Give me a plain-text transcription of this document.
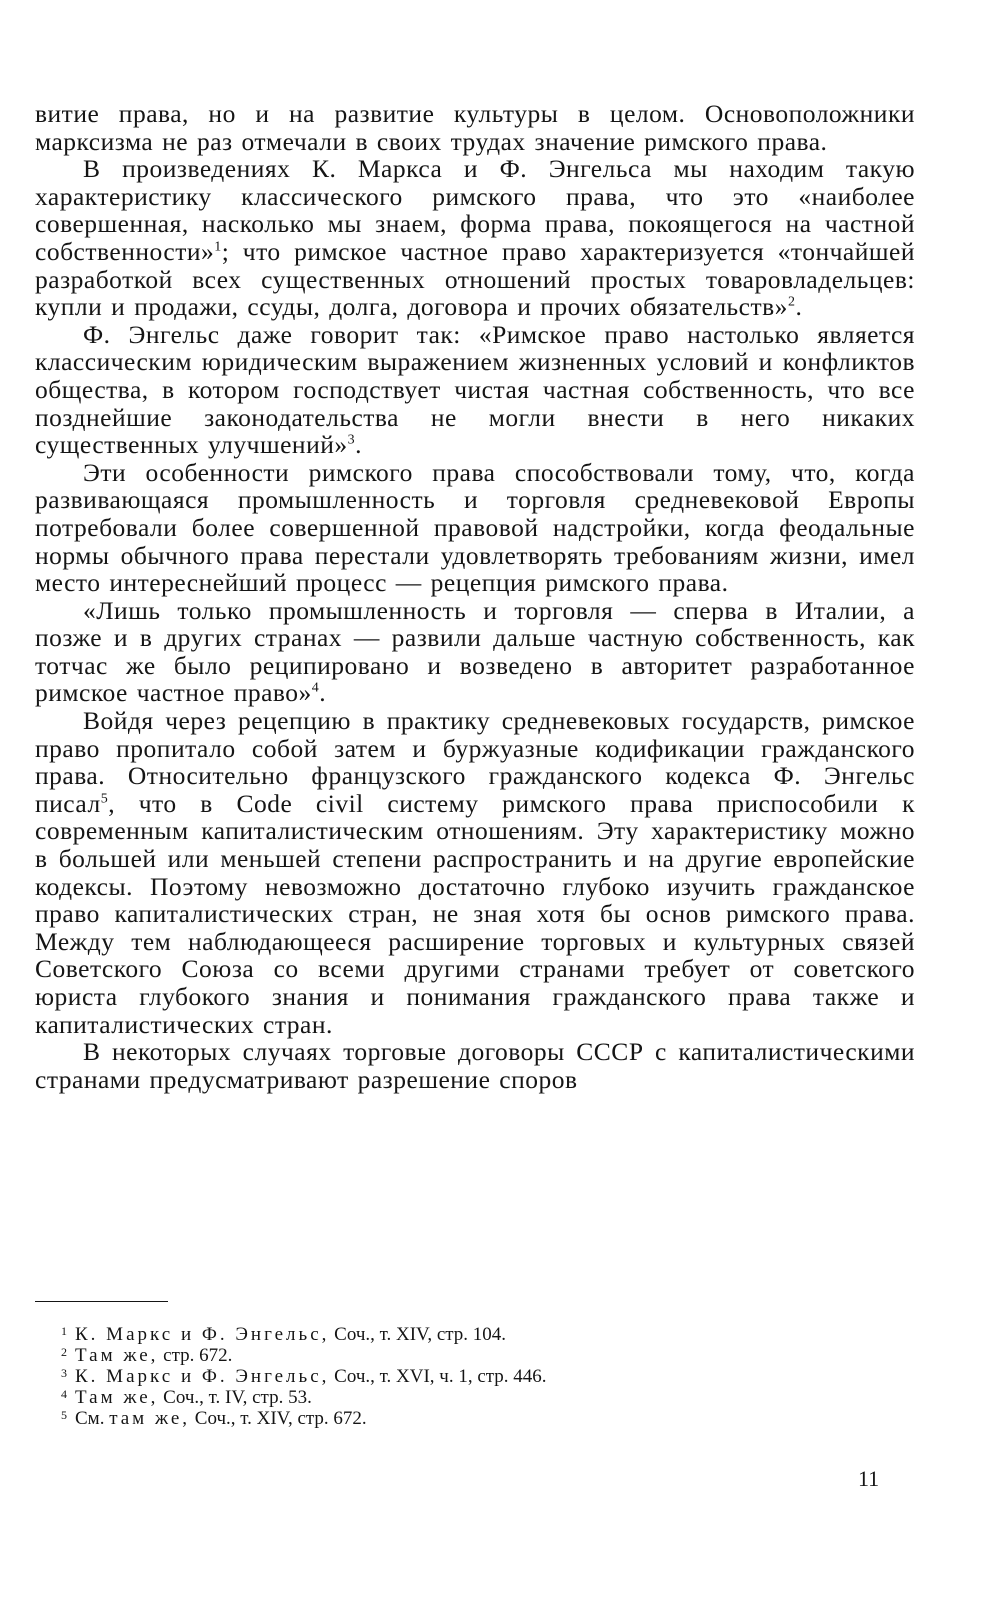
витие права, но и на развитие культуры в целом. Основоположники марксизма не раз отмечали в своих трудах значение римского права.

В произведениях К. Маркса и Ф. Энгельса мы находим такую характеристику классического римского права, что это «наиболее совершенная, насколько мы знаем, форма права, покоящегося на частной собственности»$^1$; что римское частное право характеризуется «тончайшей разработкой всех существенных отношений простых товаровладельцев: купли и продажи, ссуды, долга, договора и прочих обязательств»$^2$.

Ф. Энгельс даже говорит так: «Римское право настолько является классическим юридическим выражением жизненных условий и конфликтов общества, в котором господствует чистая частная собственность, что все позднейшие законодательства не могли внести в него никаких существенных улучшений»$^3$.

Эти особенности римского права способствовали тому, что, когда развивающаяся промышленность и торговля средневековой Европы потребовали более совершенной правовой надстройки, когда феодальные нормы обычного права перестали удовлетворять требованиям жизни, имел место интереснейший процесс — рецепция римского права.

«Лишь только промышленность и торговля — сперва в Италии, а позже и в других странах — развили дальше частную собственность, как тотчас же было реципировано и возведено в авторитет разработанное римское частное право»$^4$.

Войдя через рецепцию в практику средневековых государств, римское право пропитало собой затем и буржуазные кодификации гражданского права. Относительно французского гражданского кодекса Ф. Энгельс писал$^5$, что в Code civil систему римского права приспособили к современным капиталистическим отношениям. Эту характеристику можно в большей или меньшей степени распространить и на другие европейские кодексы. Поэтому невозможно достаточно глубоко изучить гражданское право капиталистических стран, не зная хотя бы основ римского права. Между тем наблюдающееся расширение торговых и культурных связей Советского Союза со всеми другими странами требует от советского юриста глубокого знания и понимания гражданского права также и капиталистических стран.

В некоторых случаях торговые договоры СССР с капиталистическими странами предусматривают разрешение споров

1 К. Маркс и Ф. Энгельс, Соч., т. XIV, стр. 104.
2 Там же, стр. 672.
3 К. Маркс и Ф. Энгельс, Соч., т. XVI, ч. 1, стр. 446.
4 Там же, Соч., т. IV, стр. 53.
5 См. там же, Соч., т. XIV, стр. 672.
11
